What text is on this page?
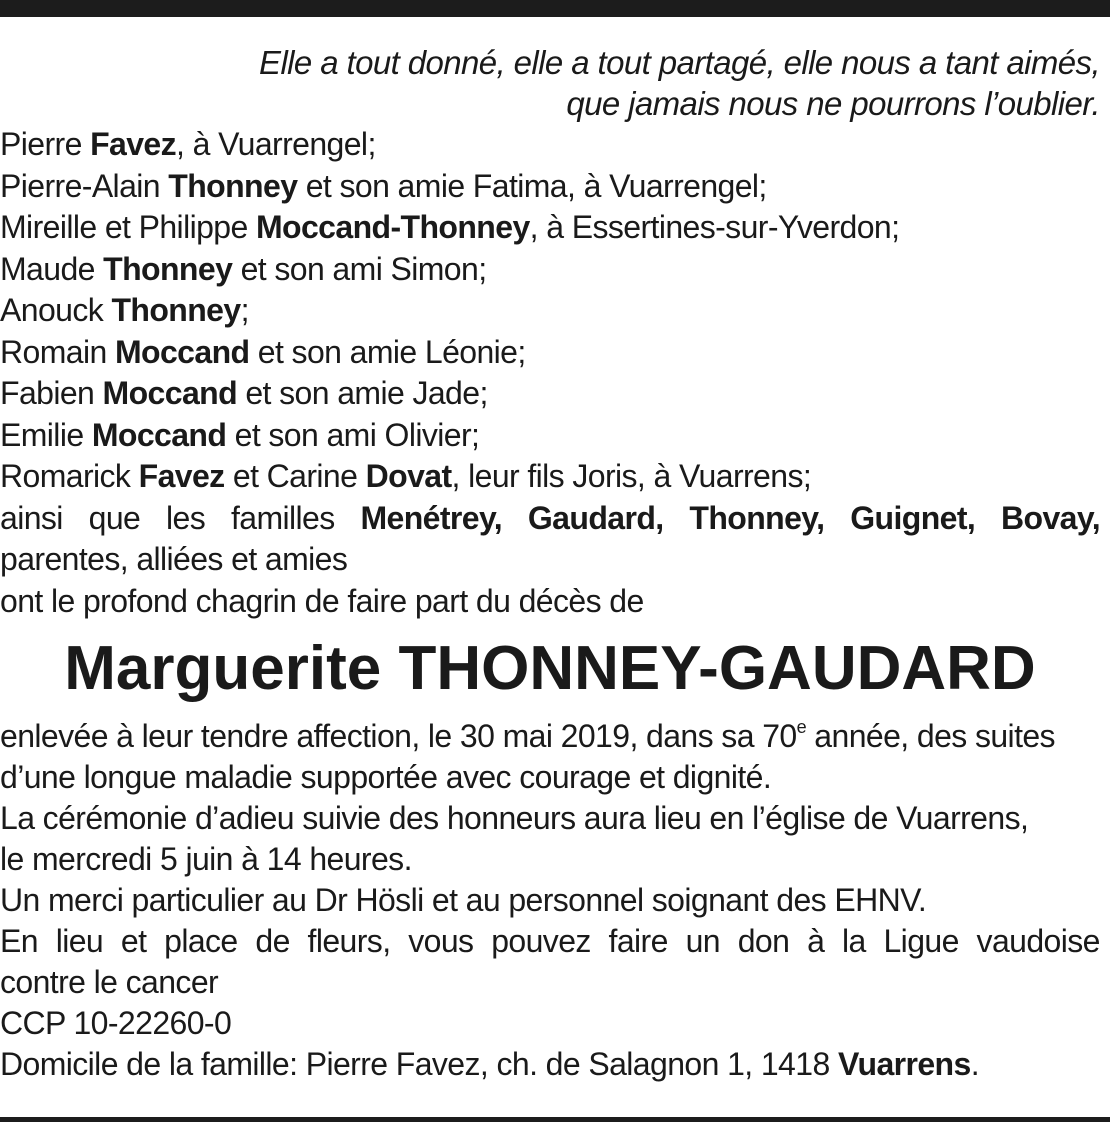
Elle a tout donné, elle a tout partagé, elle nous a tant aimés,
que jamais nous ne pourrons l’oublier.
Pierre Favez, à Vuarrengel;
Pierre-Alain Thonney et son amie Fatima, à Vuarrengel;
Mireille et Philippe Moccand-Thonney, à Essertines-sur-Yverdon;
Maude Thonney et son ami Simon;
Anouck Thonney;
Romain Moccand et son amie Léonie;
Fabien Moccand et son amie Jade;
Emilie Moccand et son ami Olivier;
Romarick Favez et Carine Dovat, leur fils Joris, à Vuarrens;
ainsi que les familles Menétrey, Gaudard, Thonney, Guignet, Bovay,
parentes, alliées et amies
ont le profond chagrin de faire part du décès de
Marguerite THONNEY-GAUDARD
enlevée à leur tendre affection, le 30 mai 2019, dans sa 70e année, des suites
d’une longue maladie supportée avec courage et dignité.
La cérémonie d’adieu suivie des honneurs aura lieu en l’église de Vuarrens,
le mercredi 5 juin à 14 heures.
Un merci particulier au Dr Hösli et au personnel soignant des EHNV.
En lieu et place de fleurs, vous pouvez faire un don à la Ligue vaudoise
contre le cancer
CCP 10-22260-0
Domicile de la famille: Pierre Favez, ch. de Salagnon 1, 1418 Vuarrens.
